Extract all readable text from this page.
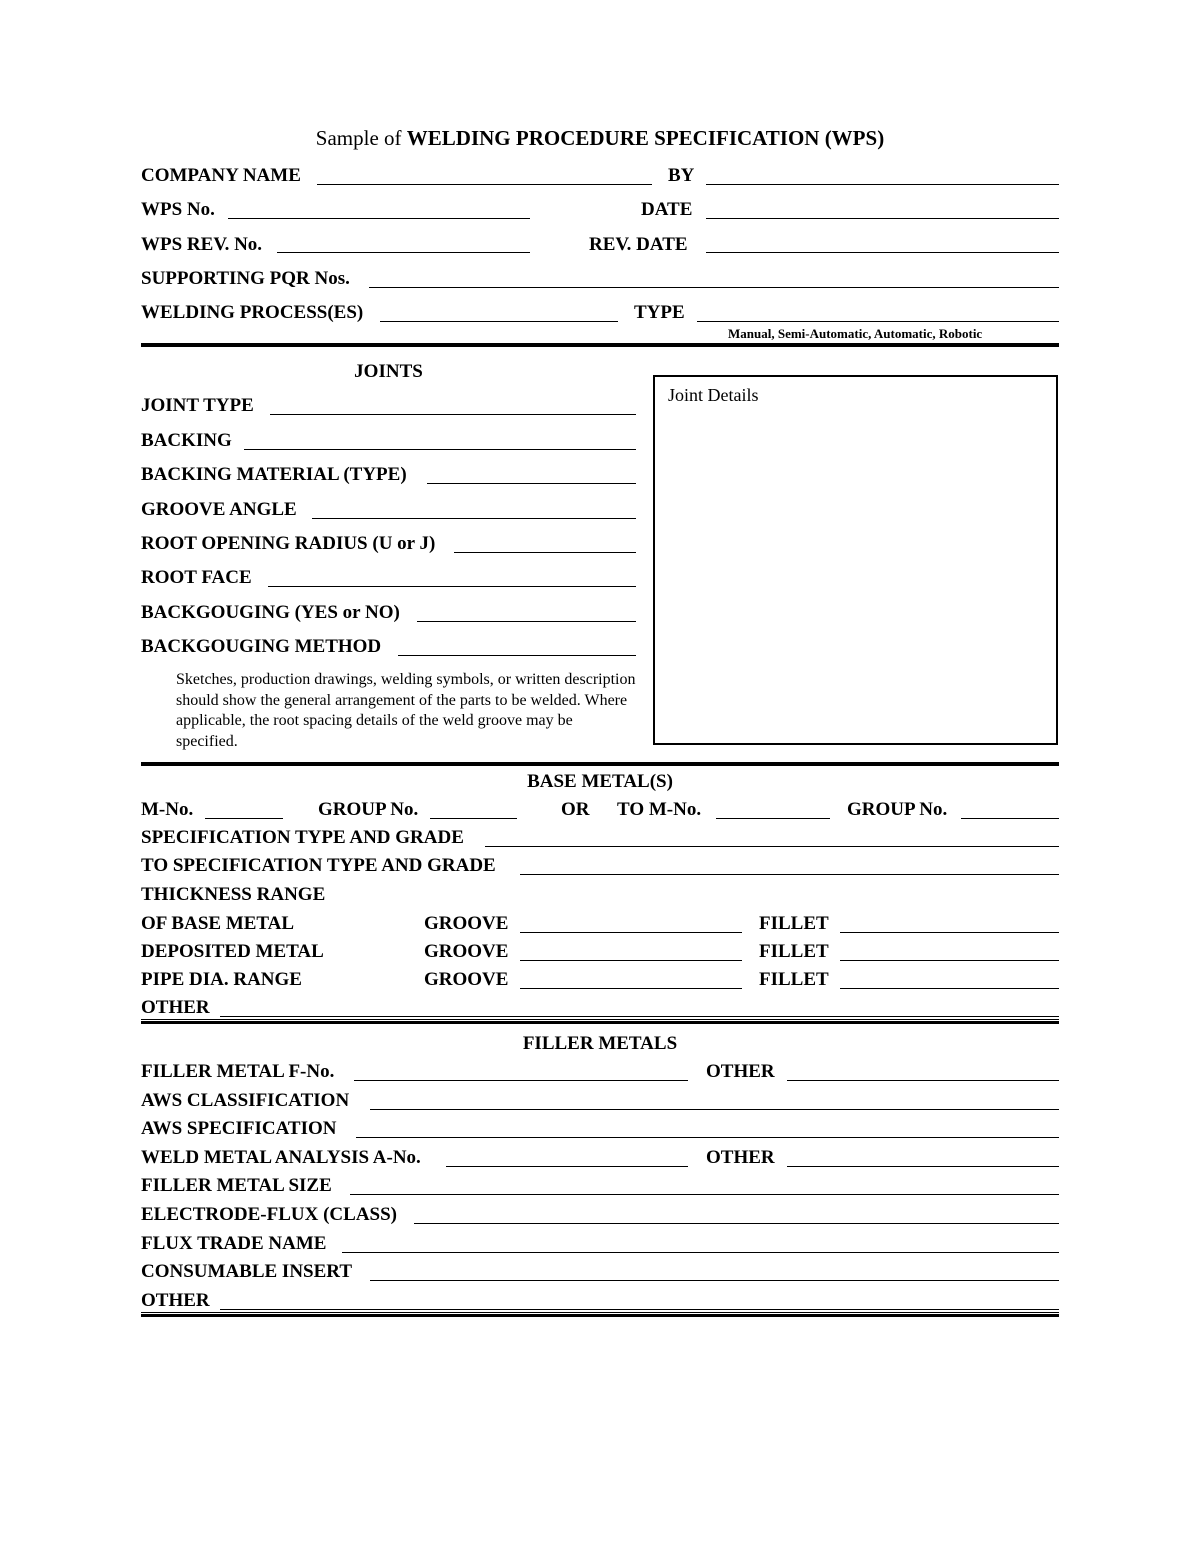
Sample of WELDING PROCEDURE SPECIFICATION (WPS)
COMPANY NAME	BY
WPS No.	DATE
WPS REV. No.	REV. DATE
SUPPORTING PQR Nos.
WELDING PROCESS(ES)	TYPE
Manual, Semi-Automatic, Automatic, Robotic
JOINTS
JOINT TYPE
BACKING
BACKING MATERIAL (TYPE)
GROOVE ANGLE
ROOT OPENING RADIUS (U or J)
ROOT FACE
BACKGOUGING (YES or NO)
BACKGOUGING METHOD
Sketches, production drawings, welding symbols, or written description should show the general arrangement of the parts to be welded. Where applicable, the root spacing details of the weld groove may be specified.
Joint Details
BASE METAL(S)
M-No.	GROUP No.	OR TO M-No.	GROUP No.
SPECIFICATION TYPE AND GRADE
TO SPECIFICATION TYPE AND GRADE
THICKNESS RANGE
OF BASE METAL	GROOVE	FILLET
DEPOSITED METAL	GROOVE	FILLET
PIPE DIA. RANGE	GROOVE	FILLET
OTHER
FILLER METALS
FILLER METAL F-No.	OTHER
AWS CLASSIFICATION
AWS SPECIFICATION
WELD METAL ANALYSIS A-No.	OTHER
FILLER METAL SIZE
ELECTRODE-FLUX (CLASS)
FLUX TRADE NAME
CONSUMABLE INSERT
OTHER
